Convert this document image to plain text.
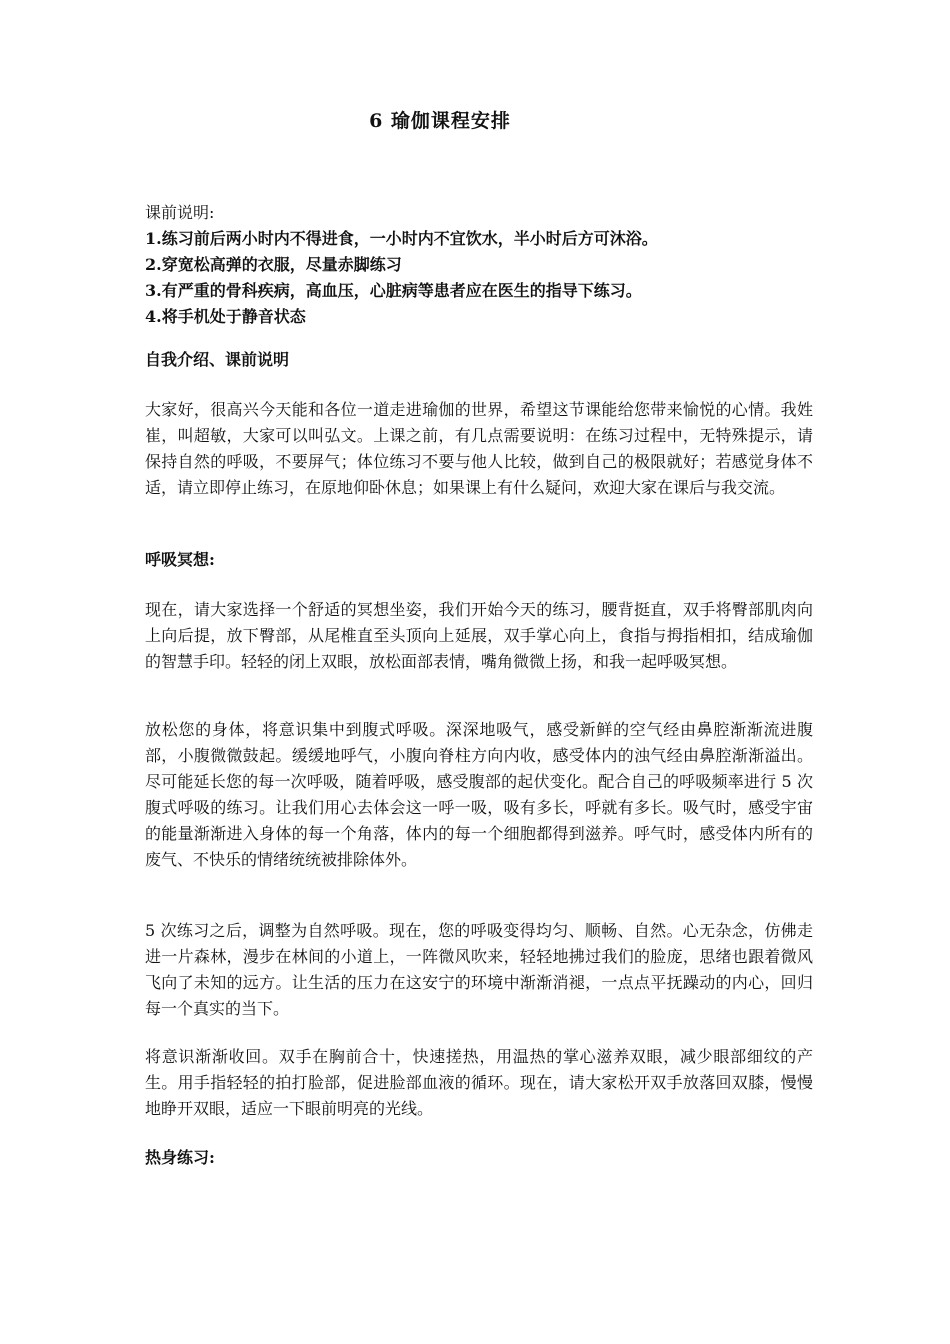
6 瑜伽课程安排
课前说明:
1.练习前后两小时内不得进食，一小时内不宜饮水，半小时后方可沐浴。
2.穿宽松高弹的衣服，尽量赤脚练习
3.有严重的骨科疾病，高血压，心脏病等患者应在医生的指导下练习。
4.将手机处于静音状态
自我介绍、课前说明
大家好，很高兴今天能和各位一道走进瑜伽的世界，希望这节课能给您带来愉悦的心情。我姓崔，叫超敏，大家可以叫弘文。上课之前，有几点需要说明：在练习过程中，无特殊提示，请保持自然的呼吸，不要屏气；体位练习不要与他人比较，做到自己的极限就好；若感觉身体不适，请立即停止练习，在原地仰卧休息；如果课上有什么疑问，欢迎大家在课后与我交流。
呼吸冥想:
现在，请大家选择一个舒适的冥想坐姿，我们开始今天的练习，腰背挺直，双手将臀部肌肉向上向后提，放下臀部，从尾椎直至头顶向上延展，双手掌心向上，食指与拇指相扣，结成瑜伽的智慧手印。轻轻的闭上双眼，放松面部表情，嘴角微微上扬，和我一起呼吸冥想。
放松您的身体，将意识集中到腹式呼吸。深深地吸气，感受新鲜的空气经由鼻腔渐渐流进腹部，小腹微微鼓起。缓缓地呼气，小腹向脊柱方向内收，感受体内的浊气经由鼻腔渐渐溢出。尽可能延长您的每一次呼吸，随着呼吸，感受腹部的起伏变化。配合自己的呼吸频率进行 5 次腹式呼吸的练习。让我们用心去体会这一呼一吸，吸有多长，呼就有多长。吸气时，感受宇宙的能量渐渐进入身体的每一个角落，体内的每一个细胞都得到滋养。呼气时，感受体内所有的废气、不快乐的情绪统统被排除体外。
5 次练习之后，调整为自然呼吸。现在，您的呼吸变得均匀、顺畅、自然。心无杂念，仿佛走进一片森林，漫步在林间的小道上，一阵微风吹来，轻轻地拂过我们的脸庞，思绪也跟着微风飞向了未知的远方。让生活的压力在这安宁的环境中渐渐消褪，一点点平抚躁动的内心，回归每一个真实的当下。
将意识渐渐收回。双手在胸前合十，快速搓热，用温热的掌心滋养双眼，减少眼部细纹的产生。用手指轻轻的拍打脸部，促进脸部血液的循环。现在，请大家松开双手放落回双膝，慢慢地睁开双眼，适应一下眼前明亮的光线。
热身练习:
